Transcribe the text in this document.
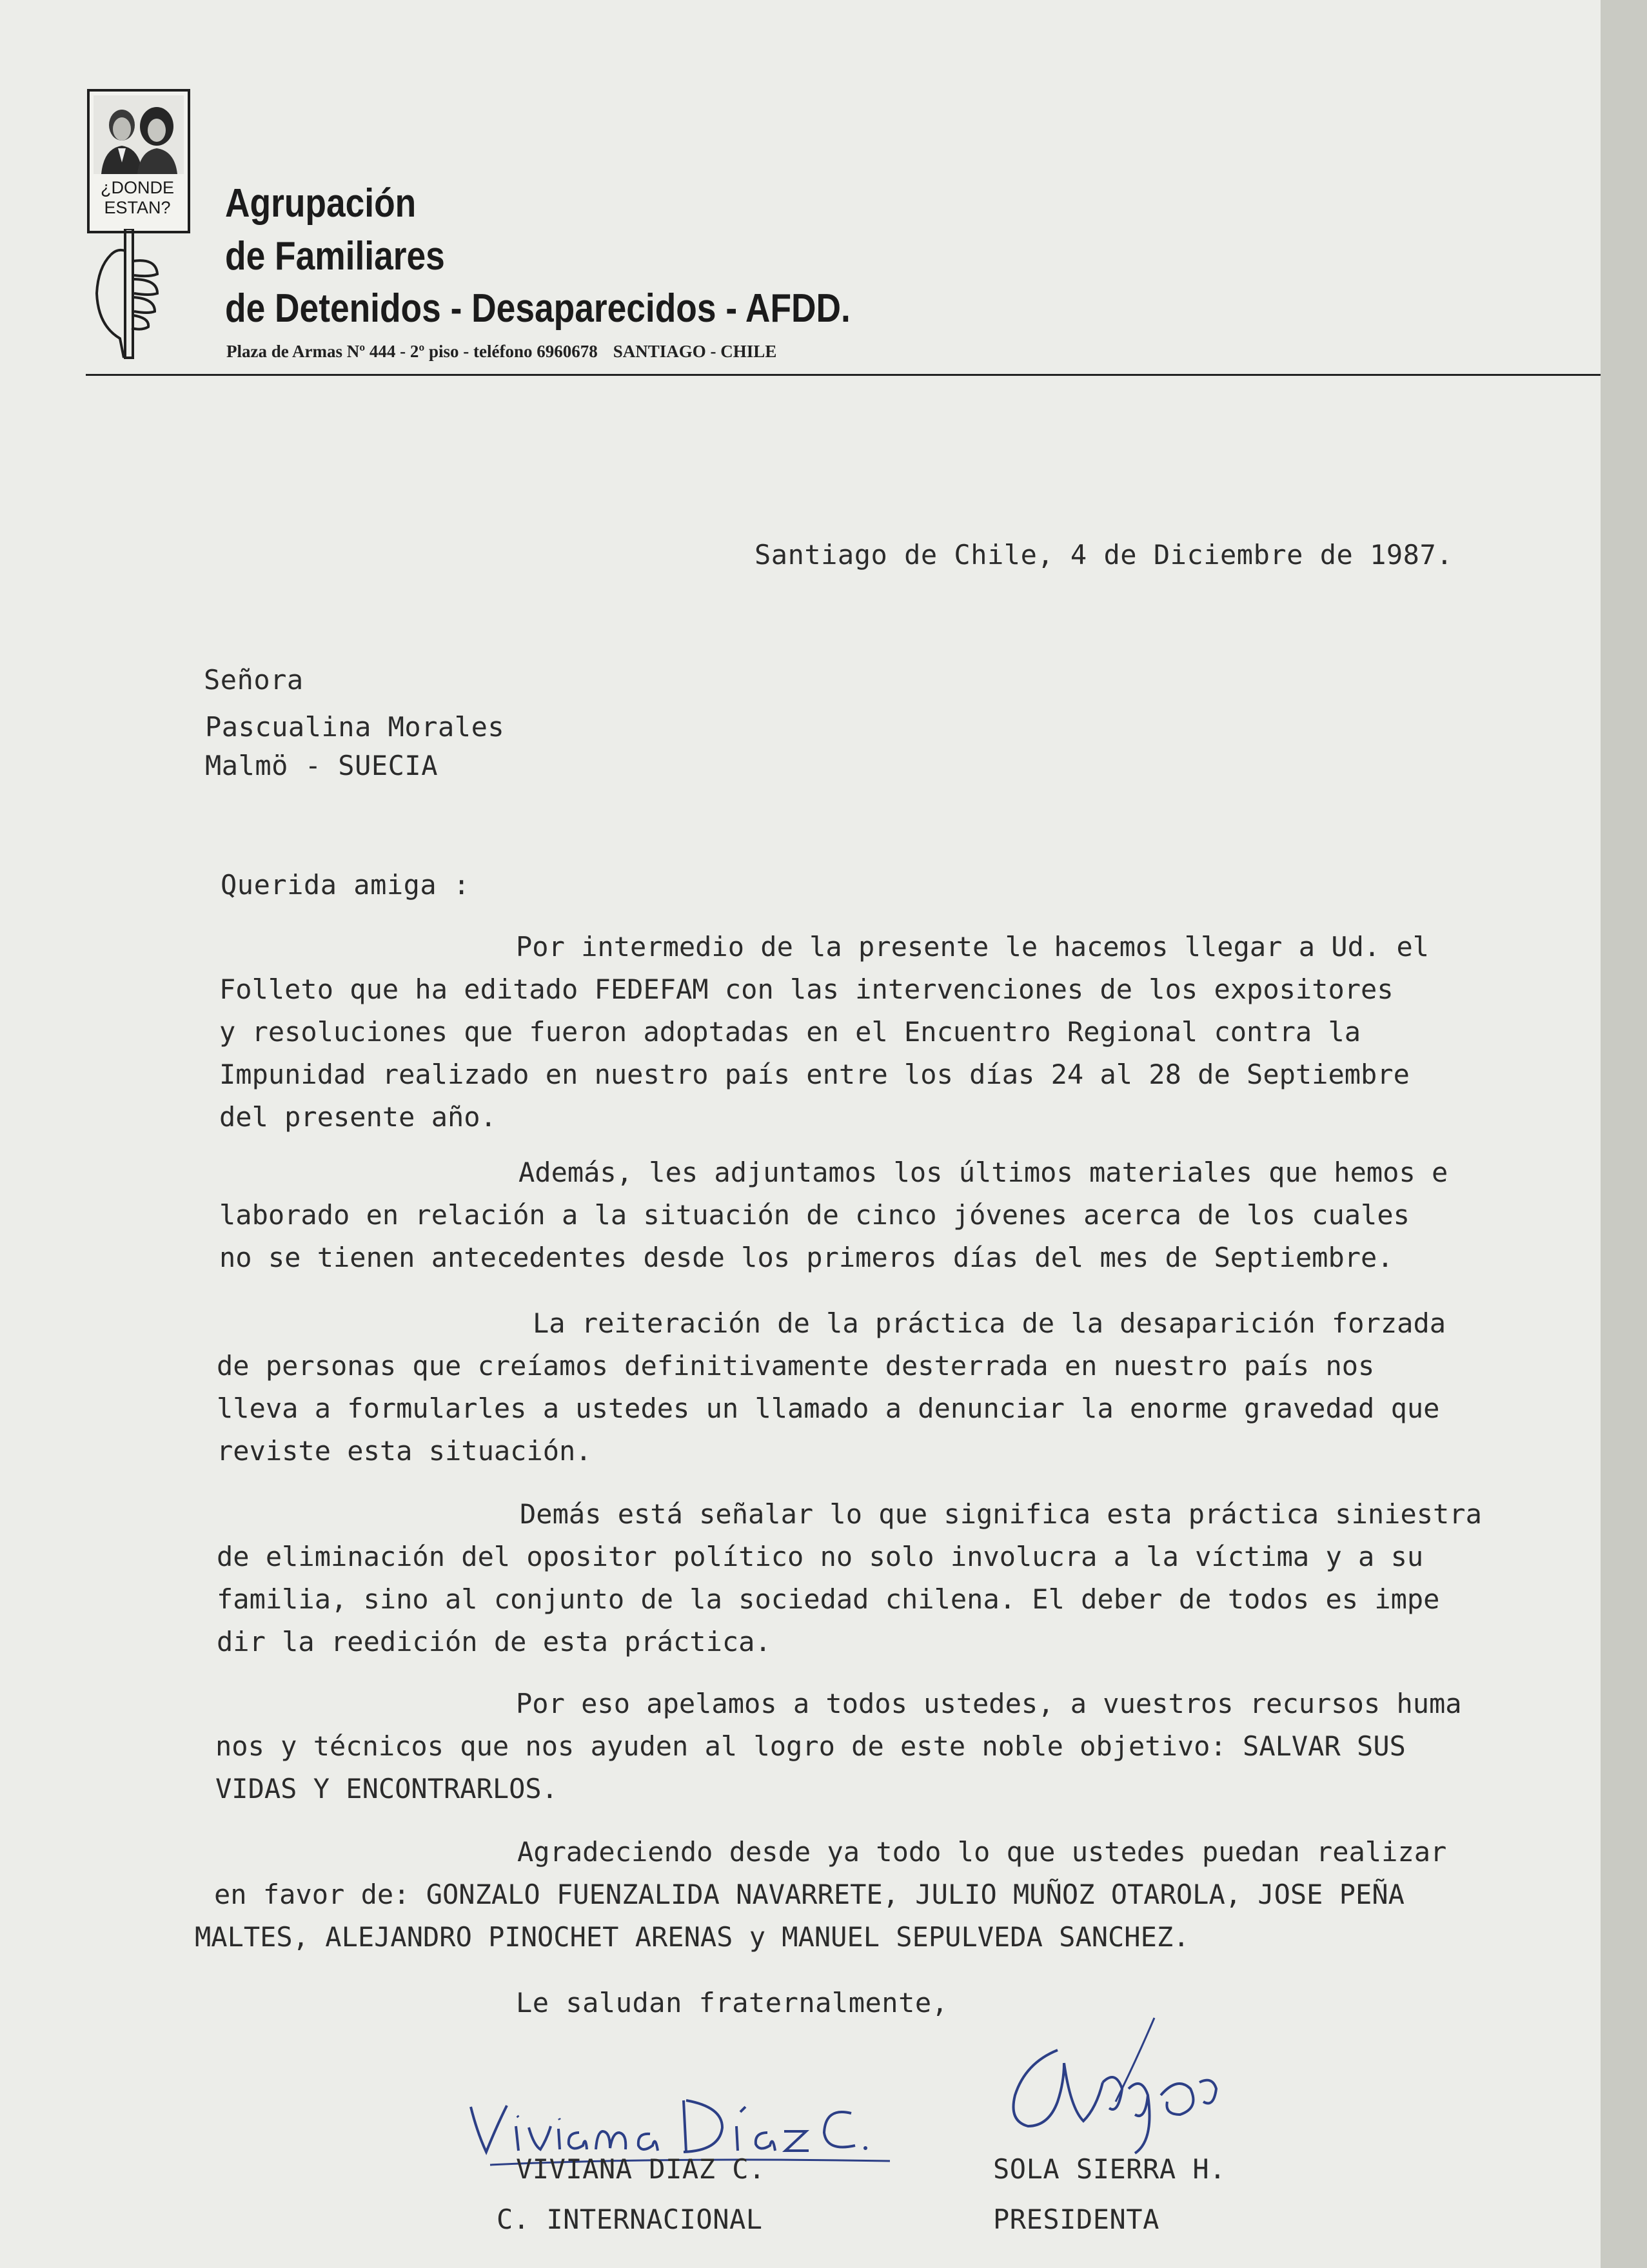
¿DONDE
ESTAN?	Agrupación
de Familiares
de Detenidos - Desaparecidos - AFDD.
Plaza de Armas Nº 444 - 2º piso - teléfono 6960678 SANTIAGO - CHILE
Santiago de Chile, 4 de Diciembre de 1987.
Señora
Pascualina Morales
Malmö - SUECIA
Querida amiga :
Por intermedio de la presente le hacemos llegar a Ud. el
Folleto que ha editado FEDEFAM con las intervenciones de los expositores
y resoluciones que fueron adoptadas en el Encuentro Regional contra la
Impunidad realizado en nuestro país entre los días 24 al 28 de Septiembre
del presente año.
Además, les adjuntamos los últimos materiales que hemos e
laborado en relación a la situación de cinco jóvenes acerca de los cuales
no se tienen antecedentes desde los primeros días del mes de Septiembre.
La reiteración de la práctica de la desaparición forzada
de personas que creíamos definitivamente desterrada en nuestro país nos
lleva a formularles a ustedes un llamado a denunciar la enorme gravedad que
reviste esta situación.
Demás está señalar lo que significa esta práctica siniestra
de eliminación del opositor político no solo involucra a la víctima y a su
familia, sino al conjunto de la sociedad chilena. El deber de todos es impe
dir la reedición de esta práctica.
Por eso apelamos a todos ustedes, a vuestros recursos huma
nos y técnicos que nos ayuden al logro de este noble objetivo: SALVAR SUS
VIDAS Y ENCONTRARLOS.
Agradeciendo desde ya todo lo que ustedes puedan realizar
en favor de: GONZALO FUENZALIDA NAVARRETE, JULIO MUÑOZ OTAROLA, JOSE PEÑA
MALTES, ALEJANDRO PINOCHET ARENAS y MANUEL SEPULVEDA SANCHEZ.
Le saludan fraternalmente,
VIVIANA DIAZ C.
C. INTERNACIONAL
SOLA SIERRA H.
PRESIDENTA
